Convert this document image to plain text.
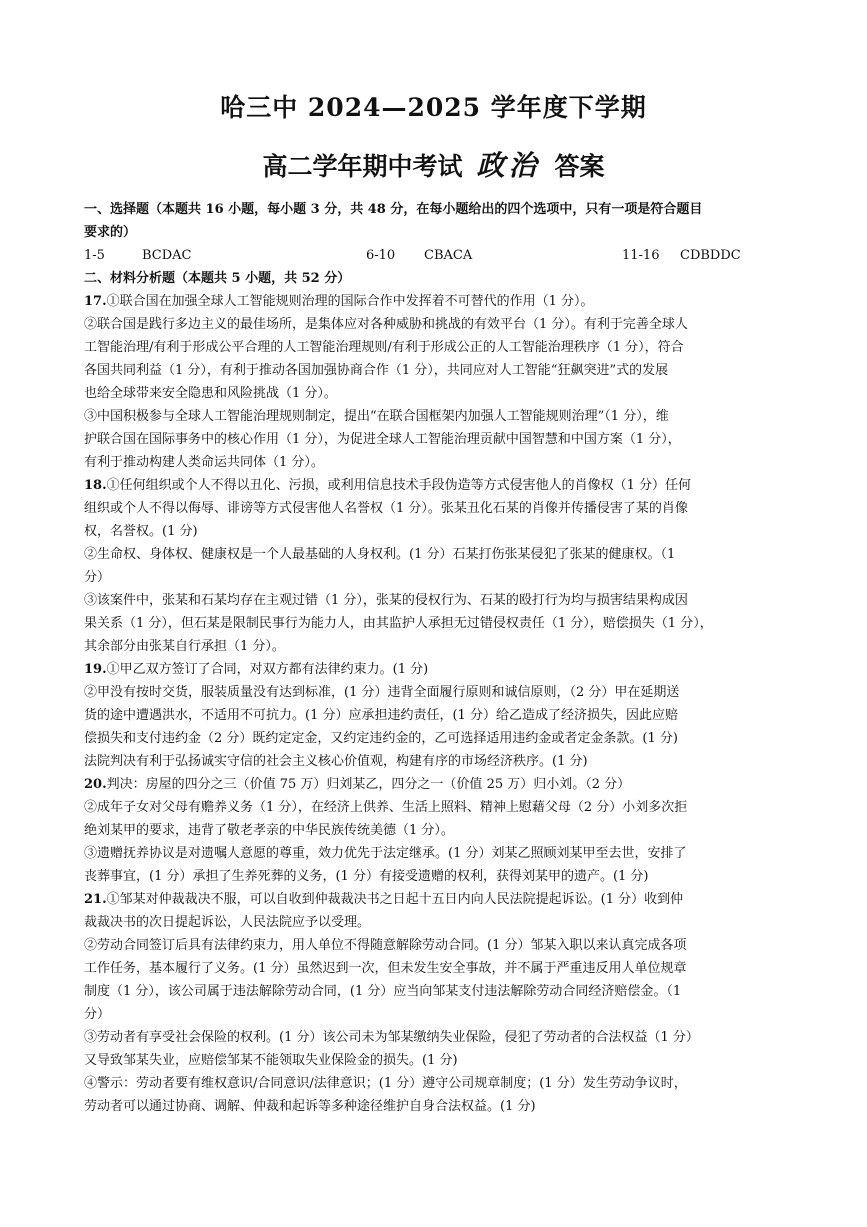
哈三中 2024—2025 学年度下学期
高二学年期中考试 政治 答案
一、选择题（本题共 16 小题，每小题 3 分，共 48 分，在每小题给出的四个选项中，只有一项是符合题目
要求的）
1-5	BCDAC	6-10 CBACA	11-16 CDBDDC
二、材料分析题（本题共 5 小题，共 52 分）
17.①联合国在加强全球人工智能规则治理的国际合作中发挥着不可替代的作用（1 分）。
②联合国是践行多边主义的最佳场所，是集体应对各种威胁和挑战的有效平台（1 分）。有利于完善全球人
工智能治理/有利于形成公平合理的人工智能治理规则/有利于形成公正的人工智能治理秩序（1 分），符合
各国共同利益（1 分），有利于推动各国加强协商合作（1 分），共同应对人工智能“狂飙突进”式的发展
也给全球带来安全隐患和风险挑战（1 分）。
③中国积极参与全球人工智能治理规则制定，提出“在联合国框架内加强人工智能规则治理”（1 分），维
护联合国在国际事务中的核心作用（1 分），为促进全球人工智能治理贡献中国智慧和中国方案（1 分），
有利于推动构建人类命运共同体（1 分）。
18.①任何组织或个人不得以丑化、污损，或利用信息技术手段伪造等方式侵害他人的肖像权（1 分）任何
组织或个人不得以侮辱、诽谤等方式侵害他人名誉权（1 分）。张某丑化石某的肖像并传播侵害了某的肖像
权，名誉权。(1 分)
②生命权、身体权、健康权是一个人最基础的人身权利。(1 分）石某打伤张某侵犯了张某的健康权。（1
分）
③该案件中，张某和石某均存在主观过错（1 分），张某的侵权行为、石某的殴打行为均与损害结果构成因
果关系（1 分），但石某是限制民事行为能力人，由其监护人承担无过错侵权责任（1 分），赔偿损失（1 分），
其余部分由张某自行承担（1 分）。
19.①甲乙双方签订了合同，对双方都有法律约束力。(1 分)
②甲没有按时交货，服装质量没有达到标准，(1 分）违背全面履行原则和诚信原则，（2 分）甲在延期送
货的途中遭遇洪水，不适用不可抗力。(1 分）应承担违约责任，(1 分）给乙造成了经济损失，因此应赔
偿损失和支付违约金（2 分）既约定定金，又约定违约金的，乙可选择适用违约金或者定金条款。(1 分)
法院判决有利于弘扬诚实守信的社会主义核心价值观，构建有序的市场经济秩序。(1 分)
20.判决：房屋的四分之三（价值 75 万）归刘某乙，四分之一（价值 25 万）归小刘。（2 分）
②成年子女对父母有赡养义务（1 分），在经济上供养、生活上照料、精神上慰藉父母（2 分）小刘多次拒
绝刘某甲的要求，违背了敬老孝亲的中华民族传统美德（1 分）。
③遗赠抚养协议是对遗嘱人意愿的尊重，效力优先于法定继承。(1 分）刘某乙照顾刘某甲至去世，安排了
丧葬事宜，(1 分）承担了生养死葬的义务，(1 分）有接受遗赠的权利，获得刘某甲的遗产。(1 分)
21.①邹某对仲裁裁决不服，可以自收到仲裁裁决书之日起十五日内向人民法院提起诉讼。(1 分）收到仲
裁裁决书的次日提起诉讼，人民法院应予以受理。
②劳动合同签订后具有法律约束力，用人单位不得随意解除劳动合同。(1 分）邹某入职以来认真完成各项
工作任务，基本履行了义务。(1 分）虽然迟到一次，但未发生安全事故，并不属于严重违反用人单位规章
制度（1 分），该公司属于违法解除劳动合同，(1 分）应当向邹某支付违法解除劳动合同经济赔偿金。（1
分）
③劳动者有享受社会保险的权利。(1 分）该公司未为邹某缴纳失业保险，侵犯了劳动者的合法权益（1 分）
又导致邹某失业，应赔偿邹某不能领取失业保险金的损失。(1 分)
④警示：劳动者要有维权意识/合同意识/法律意识；(1 分）遵守公司规章制度；(1 分）发生劳动争议时，
劳动者可以通过协商、调解、仲裁和起诉等多种途径维护自身合法权益。(1 分)
